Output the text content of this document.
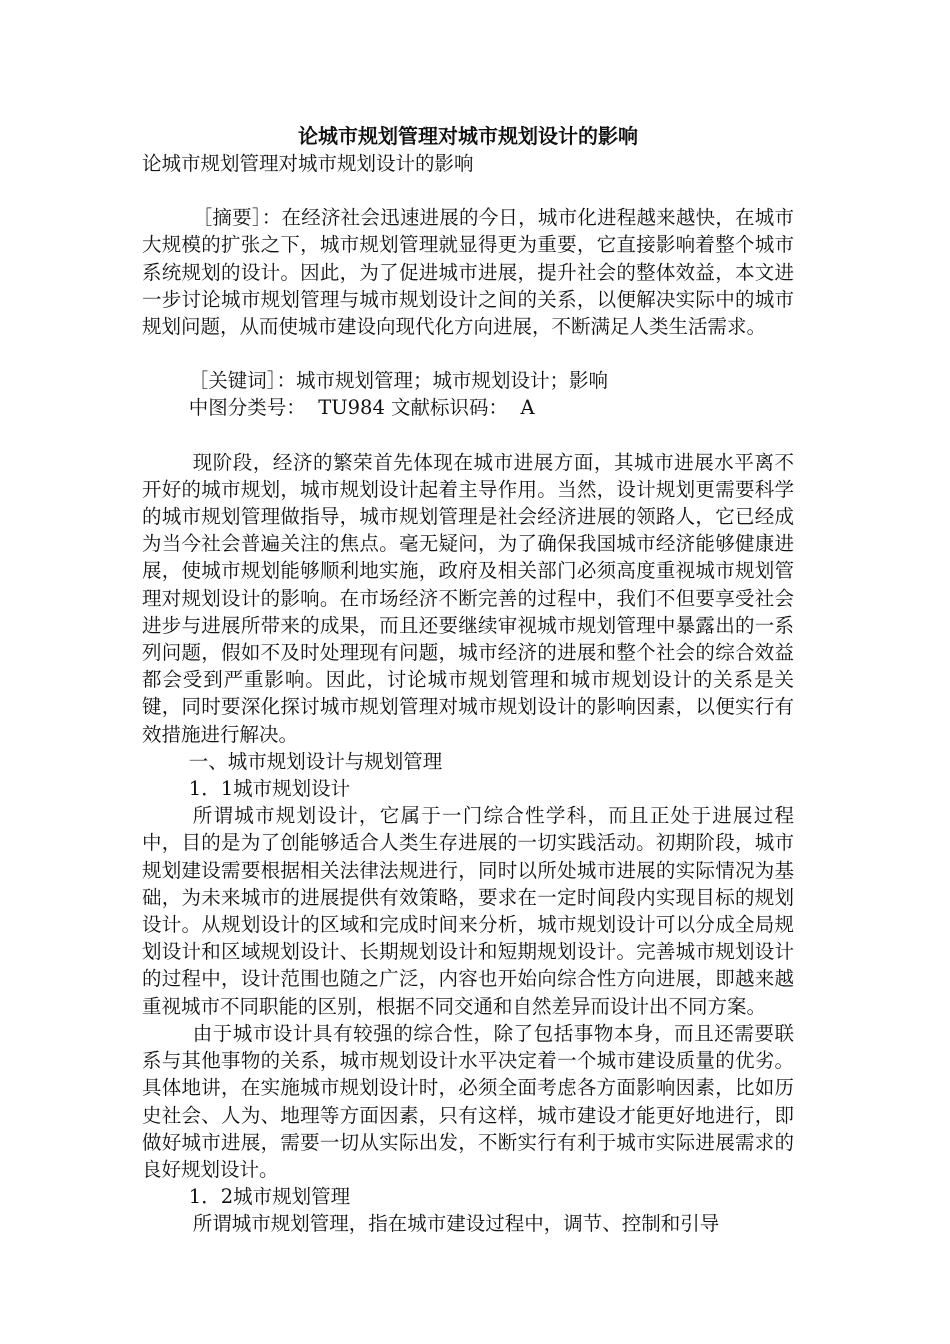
论城市规划管理对城市规划设计的影响

论城市规划管理对城市规划设计的影响

［摘要］：在经济社会迅速进展的今日，城市化进程越来越快，在城市大规模的扩张之下，城市规划管理就显得更为重要，它直接影响着整个城市系统规划的设计。因此，为了促进城市进展，提升社会的整体效益，本文进一步讨论城市规划管理与城市规划设计之间的关系，以便解决实际中的城市规划问题，从而使城市建设向现代化方向进展，不断满足人类生活需求。

［关键词］：城市规划管理；城市规划设计；影响

中图分类号：  TU984 文献标识码：  A

现阶段，经济的繁荣首先体现在城市进展方面，其城市进展水平离不开好的城市规划，城市规划设计起着主导作用。当然，设计规划更需要科学的城市规划管理做指导，城市规划管理是社会经济进展的领路人，它已经成为当今社会普遍关注的焦点。毫无疑问，为了确保我国城市经济能够健康进展，使城市规划能够顺利地实施，政府及相关部门必须高度重视城市规划管理对规划设计的影响。在市场经济不断完善的过程中，我们不但要享受社会进步与进展所带来的成果，而且还要继续审视城市规划管理中暴露出的一系列问题，假如不及时处理现有问题，城市经济的进展和整个社会的综合效益都会受到严重影响。因此，讨论城市规划管理和城市规划设计的关系是关键，同时要深化探讨城市规划管理对城市规划设计的影响因素，以便实行有效措施进行解决。

一、城市规划设计与规划管理

1．1城市规划设计

所谓城市规划设计，它属于一门综合性学科，而且正处于进展过程中，目的是为了创能够适合人类生存进展的一切实践活动。初期阶段，城市规划建设需要根据相关法律法规进行，同时以所处城市进展的实际情况为基础，为未来城市的进展提供有效策略，要求在一定时间段内实现目标的规划设计。从规划设计的区域和完成时间来分析，城市规划设计可以分成全局规划设计和区域规划设计、长期规划设计和短期规划设计。完善城市规划设计的过程中，设计范围也随之广泛，内容也开始向综合性方向进展，即越来越重视城市不同职能的区别，根据不同交通和自然差异而设计出不同方案。

由于城市设计具有较强的综合性，除了包括事物本身，而且还需要联系与其他事物的关系，城市规划设计水平决定着一个城市建设质量的优劣。具体地讲，在实施城市规划设计时，必须全面考虑各方面影响因素，比如历史社会、人为、地理等方面因素，只有这样，城市建设才能更好地进行，即做好城市进展，需要一切从实际出发，不断实行有利于城市实际进展需求的良好规划设计。

1．2城市规划管理

所谓城市规划管理，指在城市建设过程中，调节、控制和引导
